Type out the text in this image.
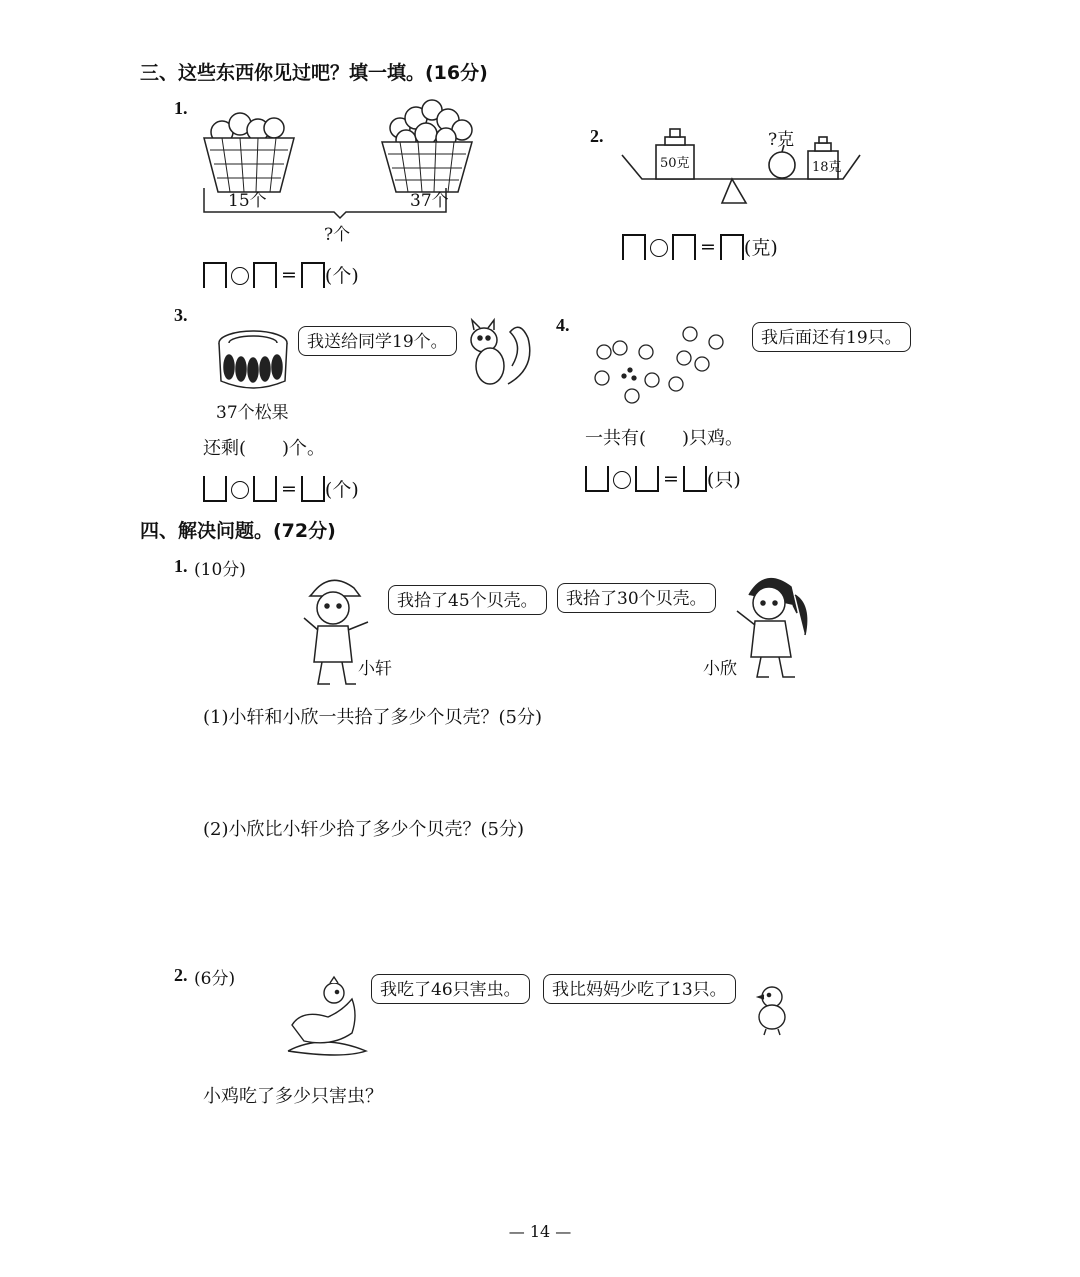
三、这些东西你见过吧？填一填。(16分)
1.
15个	37个
?个
= (个)
2.
50克	18克
?克
= (克)
3.
37个松果
我送给同学19个。
还剩(　　)个。
= (个)
4.
我后面还有19只。
一共有(　　)只鸡。
= (只)
四、解决问题。(72分)
1. (10分)
小轩
我拾了45个贝壳。	我拾了30个贝壳。
小欣
(1)小轩和小欣一共拾了多少个贝壳？(5分)
(2)小欣比小轩少拾了多少个贝壳？(5分)
2. (6分)
我吃了46只害虫。	我比妈妈少吃了13只。
小鸡吃了多少只害虫？
— 14 —
